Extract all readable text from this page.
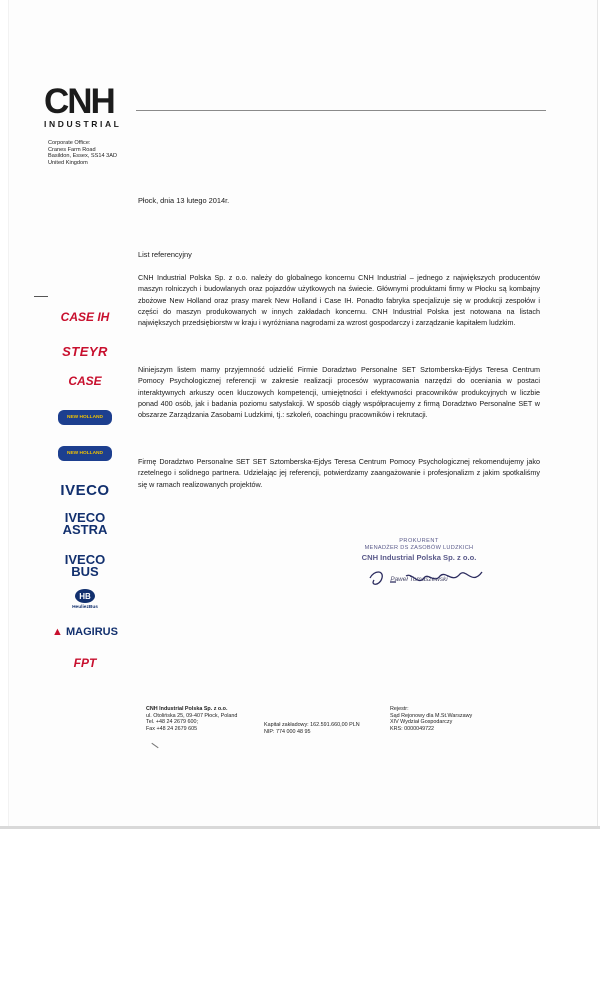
CNH
INDUSTRIAL
Corporate Office:
Cranes Farm Road
Basildon, Essex, SS14 3AD
United Kingdom
Płock, dnia 13 lutego 2014r.
List referencyjny
CNH Industrial Polska Sp. z o.o. należy do globalnego koncernu CNH Industrial – jednego z największych producentów maszyn rolniczych i budowlanych oraz pojazdów użytkowych na świecie. Głównymi produktami firmy w Płocku są kombajny zbożowe New Holland oraz prasy marek New Holland i Case IH. Ponadto fabryka specjalizuje się w produkcji zespołów i części do maszyn produkowanych w innych zakładach koncernu. CNH Industrial Polska jest notowana na listach największych przedsiębiorstw w kraju i wyróżniana nagrodami za wzrost gospodarczy i zarządzanie kapitałem ludzkim.
Niniejszym listem mamy przyjemność udzielić Firmie Doradztwo Personalne SET Sztomberska-Ejdys Teresa Centrum Pomocy Psychologicznej referencji w zakresie realizacji procesów wypracowania narzędzi do oceniania w postaci interaktywnych arkuszy ocen kluczowych kompetencji, umiejętności i efektywności pracowników produkcyjnych w liczbie ponad 400 osób, jak i badania poziomu satysfakcji. W sposób ciągły współpracujemy z firmą Doradztwo Personalne SET w obszarze Zarządzania Zasobami Ludzkimi, tj.: szkoleń, coachingu pracowników i rekrutacji.
Firmę Doradztwo Personalne SET SET Sztomberska-Ejdys Teresa Centrum Pomocy Psychologicznej rekomendujemy jako rzetelnego i solidnego partnera. Udzielając jej referencji, potwierdzamy zaangażowanie i profesjonalizm z jakim spotkaliśmy się w ramach realizowanych projektów.
PROKURENT
MENADŻER DS ZASOBÓW LUDZKICH
CNH Industrial Polska Sp. z o.o.
Paweł Tomaszewski
CASE IH
STEYR
CASE
NEW HOLLAND
NEW HOLLAND
IVECO
IVECO ASTRA
IVECO BUS
HB
HeuliezBus
▲ MAGIRUS
FPT
CNH Industrial Polska Sp. z o.o.
ul. Otolińska 25, 09-407 Płock, Poland
Tel. +48 24 2679 600;
Fax +48 24 2679 605
Kapitał zakładowy: 162.591.660,00 PLN
NIP: 774 000 48 95
Rejestr:
Sąd Rejonowy dla M.St.Warszawy
XIV Wydział Gospodarczy
KRS: 0000049722
